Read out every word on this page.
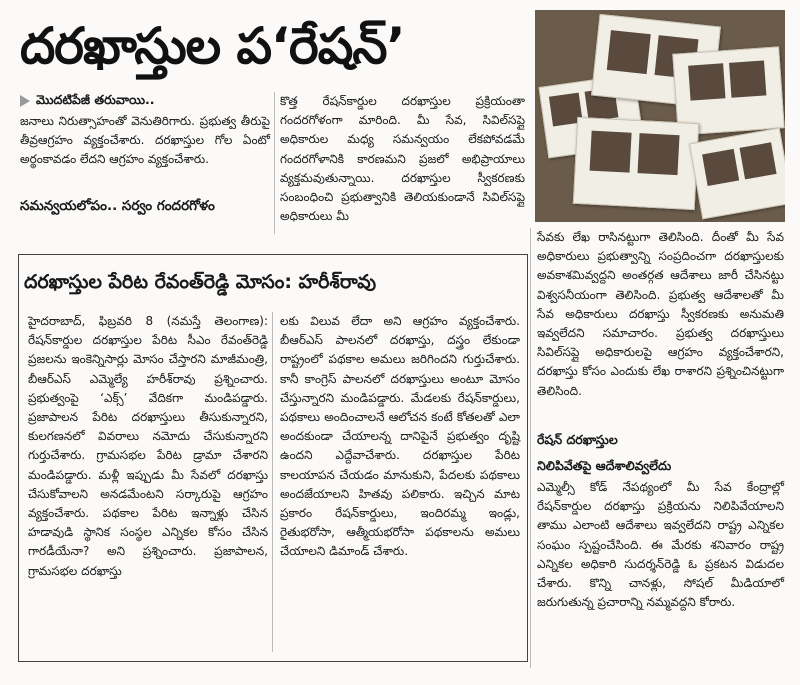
దరఖాస్తుల ప‘రేషన్’
మొదటిపేజీ తరువాయి..

జనాలు నిరుత్సాహంతో వెనుతిరిగారు. ప్రభుత్వ తీరుపై తీవ్రఆగ్రహం వ్యక్తంచేశారు. దరఖాస్తుల గోల ఏంటో అర్థంకావడం లేదని ఆగ్రహం వ్యక్తంచేశారు.

సమన్వయలోపం.. సర్వం గందరగోళం

కొత్త రేషన్‌కార్డుల దరఖాస్తుల ప్రక్రియంతా గందరగోళంగా మారింది. మీ సేవ, సివిల్‌సప్లై అధికారుల మధ్య సమన్వయం లేకపోవడమే గందరగోళానికి కారణమని ప్రజలో అభిప్రాయాలు వ్యక్తమవుతున్నాయి. దరఖాస్తుల స్వీకరణకు సంబంధించి ప్రభుత్వానికి తెలియకుండానే సివిల్‌సప్లై అధికారులు మీ

దరఖాస్తుల పేరిట రేవంత్‌రెడ్డి మోసం: హరీశ్‌రావు

హైదరాబాద్, ఫిబ్రవరి 8 (నమస్తే తెలంగాణ): రేషన్‌కార్డుల దరఖాస్తుల పేరిట సీఎం రేవంత్‌రెడ్డి ప్రజలను ఇంకెన్నిసార్లు మోసం చేస్తారని మాజీమంత్రి, బీఆర్‌ఎస్ ఎమ్మెల్యే హరీశ్‌రావు ప్రశ్నించారు. ప్రభుత్వంపై ‘ఎక్స్’ వేదికగా మండిపడ్డారు. ప్రజాపాలన పేరిట దరఖాస్తులు తీసుకున్నారని, కులగణనలో వివరాలు నమోదు చేసుకున్నారని గుర్తుచేశారు. గ్రామసభల పేరిట డ్రామా చేశారని మండిపడ్డారు. మళ్లీ ఇప్పుడు మీ సేవలో దరఖాస్తు చేసుకోవాలని అనడమేంటని సర్కారుపై ఆగ్రహం వ్యక్తంచేశారు. పథకాల పేరిట ఇన్నాళ్లు చేసిన హడావుడి స్థానిక సంస్థల ఎన్నికల కోసం చేసిన గారడీయేనా? అని ప్రశ్నించారు. ప్రజాపాలన, గ్రామసభల దరఖాస్తు

లకు విలువ లేదా అని ఆగ్రహం వ్యక్తంచేశారు. బీఆర్‌ఎస్ పాలనలో దరఖాస్తు, దస్త్రం లేకుండా రాష్ట్రంలో పథకాల అమలు జరిగిందని గుర్తుచేశారు. కానీ కాంగ్రెస్ పాలనలో దరఖాస్తులు అంటూ మోసం చేస్తున్నారని మండిపడ్డారు. మేడలకు రేషన్‌కార్డులు, పథకాలు అందించాలనే ఆలోచన కంటే కోతలతో ఎలా అందకుండా చేయాలన్న దానిపైనే ప్రభుత్వం దృష్టి ఉందని ఎద్దేవాచేశారు. దరఖాస్తుల పేరిట కాలయాపన చేయడం మానుకుని, పేదలకు పథకాలు అందజేయాలని హితవు పలికారు. ఇచ్చిన మాట ప్రకారం రేషన్‌కార్డులు, ఇందిరమ్మ ఇండ్లు, రైతుభరోసా, ఆత్మీయభరోసా పథకాలను అమలు చేయాలని డిమాండ్ చేశారు.

సేవకు లేఖ రాసినట్టుగా తెలిసింది. దీంతో మీ సేవ అధికారులు ప్రభుత్వాన్ని సంప్రదించగా దరఖాస్తులకు అవకాశమివ్వద్దని అంతర్గత ఆదేశాలు జారీ చేసినట్టు విశ్వసనీయంగా తెలిసింది. ప్రభుత్వ ఆదేశాలతో మీ సేవ అధికారులు దరఖాస్తు స్వీకరణకు అనుమతి ఇవ్వలేదని సమాచారం. ప్రభుత్వ దరఖాస్తులు సివిల్‌సప్లై అధికారులపై ఆగ్రహం వ్యక్తంచేశారని, దరఖాస్తు కోసం ఎందుకు లేఖ రాశారని ప్రశ్నించినట్టుగా తెలిసింది.

రేషన్ దరఖాస్తుల
నిలిపివేతపై ఆదేశాలివ్వలేదు

ఎమ్మెల్సీ కోడ్ నేపథ్యంలో మీ సేవ కేంద్రాల్లో రేషన్‌కార్డుల దరఖాస్తు ప్రక్రియను నిలిపివేయాలని తాము ఎలాంటి ఆదేశాలు ఇవ్వలేదని రాష్ట్ర ఎన్నికల సంఘం స్పష్టంచేసింది. ఈ మేరకు శనివారం రాష్ట్ర ఎన్నికల అధికారి సుదర్శన్‌రెడ్డి ఓ ప్రకటన విడుదల చేశారు. కొన్ని చానళ్లు, సోషల్ మీడియాలో జరుగుతున్న ప్రచారాన్ని నమ్మవద్దని కోరారు.
